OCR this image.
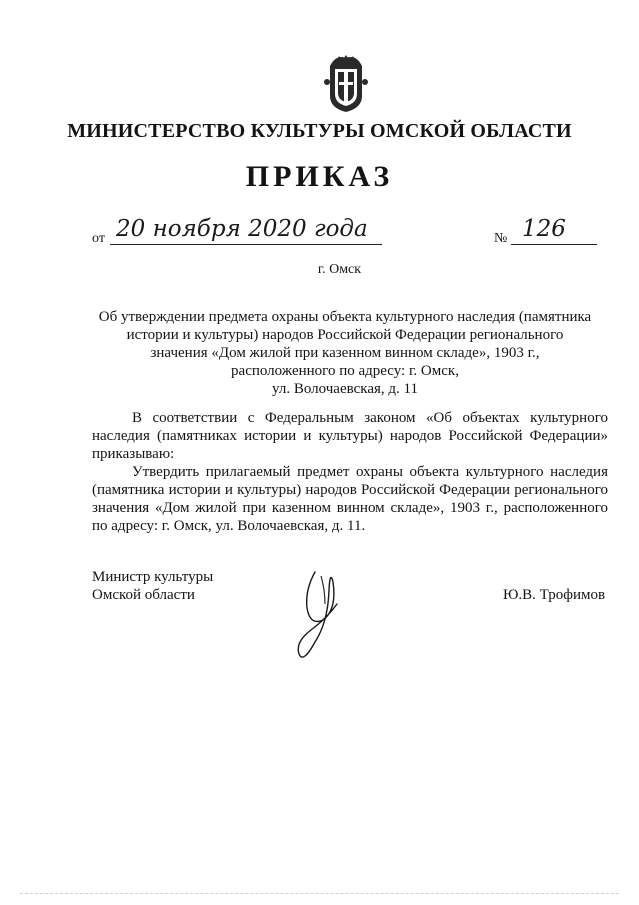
МИНИСТЕРСТВО КУЛЬТУРЫ ОМСКОЙ ОБЛАСТИ
ПРИКАЗ
от 20 ноября 2020 года	№ 126
г. Омск
Об утверждении предмета охраны объекта культурного наследия (памятника
истории и культуры) народов Российской Федерации регионального
значения «Дом жилой при казенном винном складе», 1903 г.,
расположенного по адресу: г. Омск,
ул. Волочаевская, д. 11

В соответствии с Федеральным законом «Об объектах культурного наследия (памятниках истории и культуры) народов Российской Федерации» приказываю:

Утвердить прилагаемый предмет охраны объекта культурного наследия (памятника истории и культуры) народов Российской Федерации регионального значения «Дом жилой при казенном винном складе», 1903 г., расположенного по адресу: г. Омск, ул. Волочаевская, д. 11.

Министр культуры
Омской области	Ю.В. Трофимов
